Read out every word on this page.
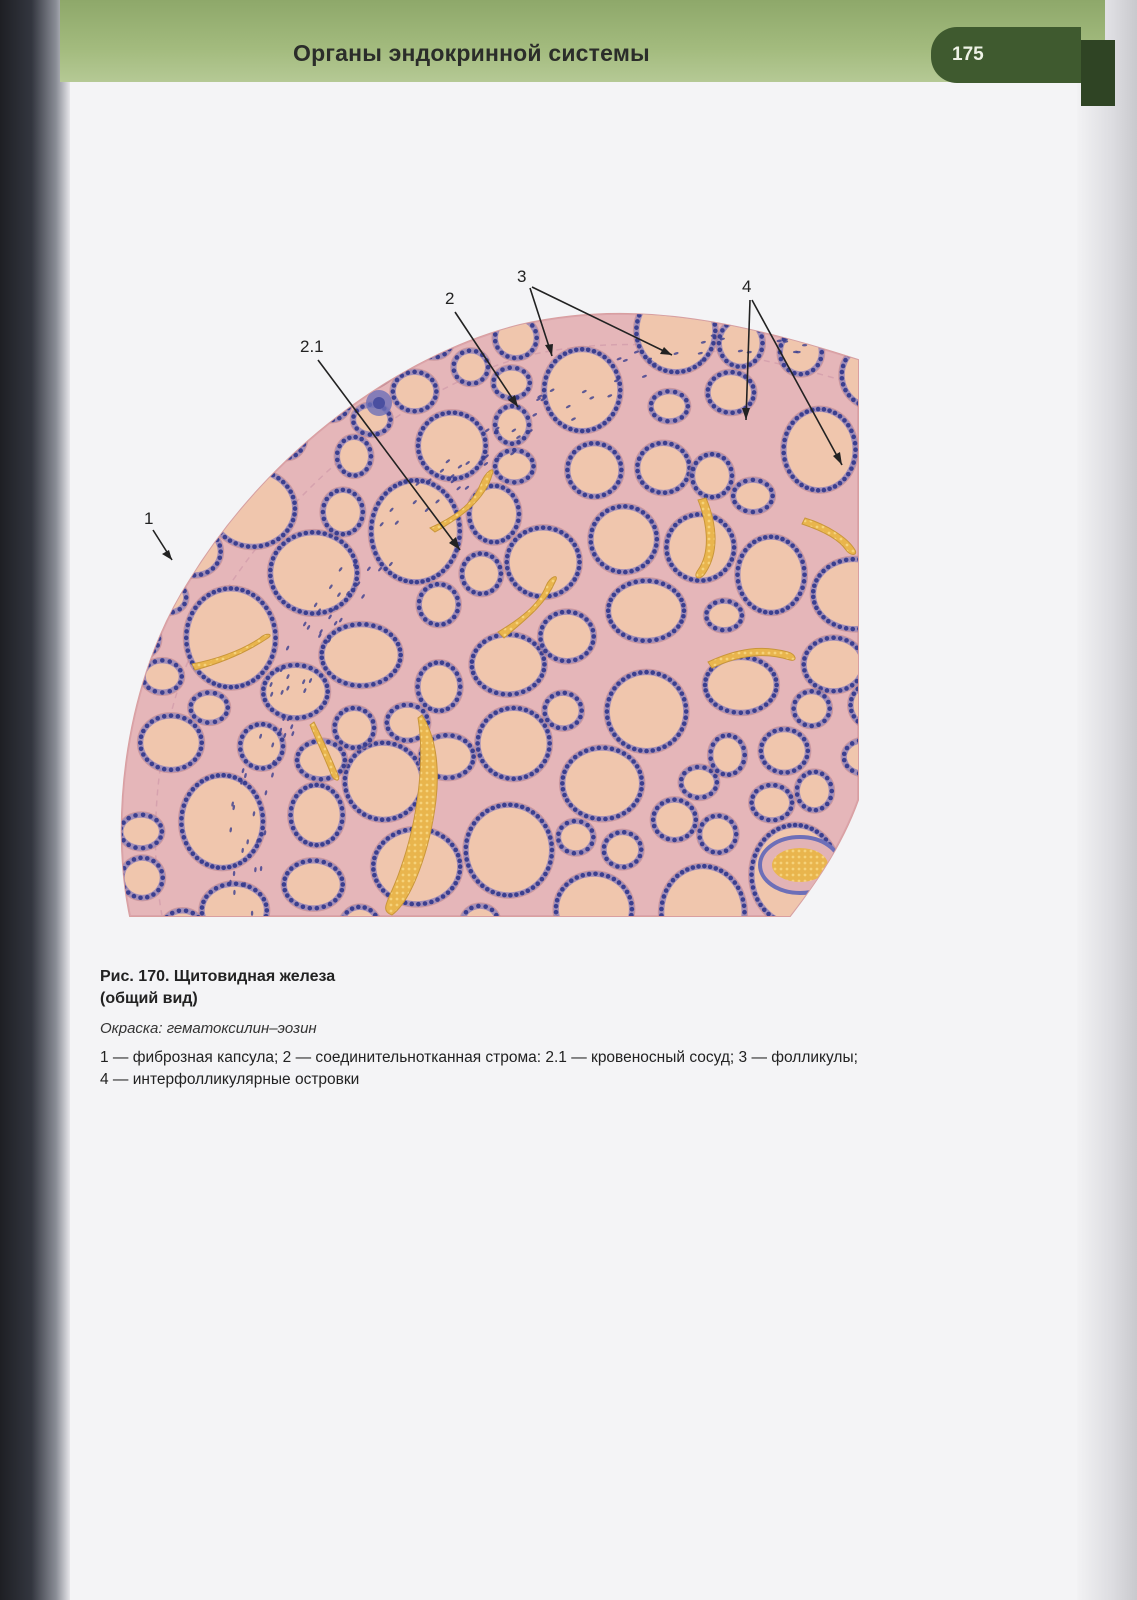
Органы эндокринной системы	175
1
2.1
2
3
4

Рис. 170. Щитовидная железа
(общий вид)

Окраска: гематоксилин–эозин
1 — фиброзная капсула; 2 — соединительнотканная строма: 2.1 — кровеносный сосуд; 3 — фолликулы;
4 — интерфолликулярные островки
